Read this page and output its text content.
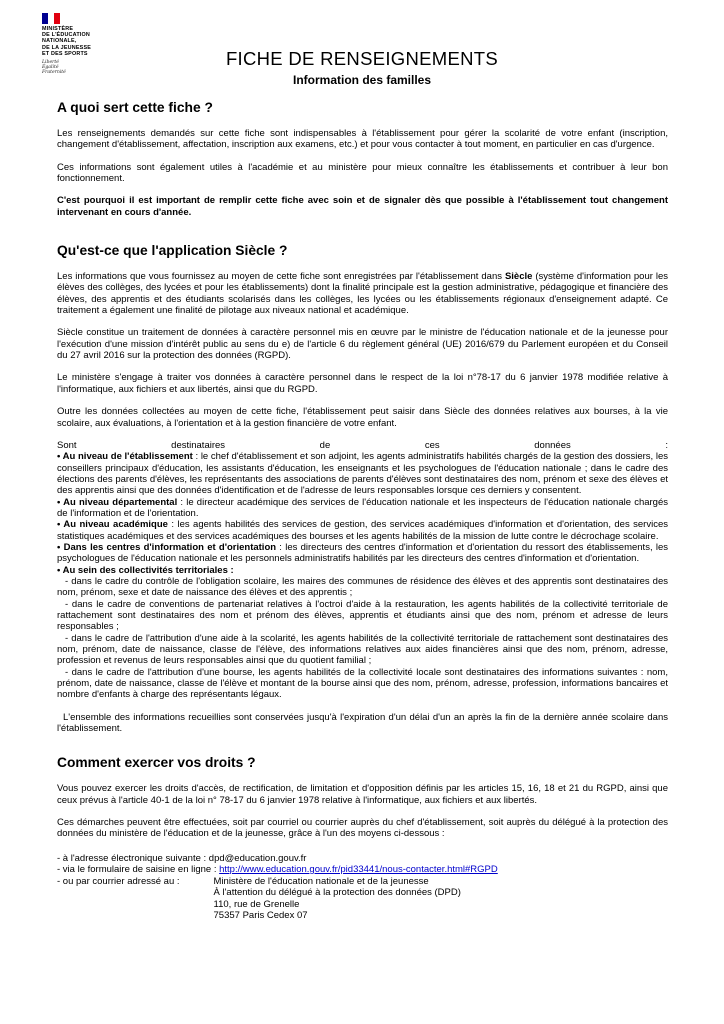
MINISTÈRE
DE L'ÉDUCATION
NATIONALE,
DE LA JEUNESSE
ET DES SPORTS
Liberté
Égalité
Fraternité
FICHE DE RENSEIGNEMENTS
Information des familles
A quoi sert cette fiche ?

Les renseignements demandés sur cette fiche sont indispensables à l'établissement pour gérer la scolarité de votre enfant (inscription, changement d'établissement, affectation, inscription aux examens, etc.) et pour vous contacter à tout moment, en particulier en cas d'urgence.

Ces informations sont également utiles à l'académie et au ministère pour mieux connaître les établissements et contribuer à leur bon fonctionnement.

C'est pourquoi il est important de remplir cette fiche avec soin et de signaler dès que possible à l'établissement tout changement intervenant en cours d'année.

Qu'est-ce que l'application Siècle ?

Les informations que vous fournissez au moyen de cette fiche sont enregistrées par l'établissement dans Siècle (système d'information pour les élèves des collèges, des lycées et pour les établissements) dont la finalité principale est la gestion administrative, pédagogique et financière des élèves, des apprentis et des étudiants scolarisés dans les collèges, les lycées ou les établissements régionaux d'enseignement adapté. Ce traitement a également une finalité de pilotage aux niveaux national et académique.

Siècle constitue un traitement de données à caractère personnel mis en œuvre par le ministre de l'éducation nationale et de la jeunesse pour l'exécution d'une mission d'intérêt public au sens du e) de l'article 6 du règlement général (UE) 2016/679 du Parlement européen et du Conseil du 27 avril 2016 sur la protection des données (RGPD).

Le ministère s'engage à traiter vos données à caractère personnel dans le respect de la loi n°78-17 du 6 janvier 1978 modifiée relative à l'informatique, aux fichiers et aux libertés, ainsi que du RGPD.

Outre les données collectées au moyen de cette fiche, l'établissement peut saisir dans Siècle des données relatives aux bourses, à la vie scolaire, aux évaluations, à l'orientation et à la gestion financière de votre enfant.

Sont destinataires de ces données :

• Au niveau de l'établissement : le chef d'établissement et son adjoint, les agents administratifs habilités chargés de la gestion des dossiers, les conseillers principaux d'éducation, les assistants d'éducation, les enseignants et les psychologues de l'éducation nationale ; dans le cadre des élections des parents d'élèves, les représentants des associations de parents d'élèves sont destinataires des nom, prénom et sexe des élèves et des apprentis ainsi que des données d'identification et de l'adresse de leurs responsables lorsque ces derniers y consentent.

• Au niveau départemental : le directeur académique des services de l'éducation nationale et les inspecteurs de l'éducation nationale chargés de l'information et de l'orientation.

• Au niveau académique : les agents habilités des services de gestion, des services académiques d'information et d'orientation, des services statistiques académiques et des services académiques des bourses et les agents habilités de la mission de lutte contre le décrochage scolaire.

• Dans les centres d'information et d'orientation : les directeurs des centres d'information et d'orientation du ressort des établissements, les psychologues de l'éducation nationale et les personnels administratifs habilités par les directeurs des centres d'information et d'orientation.

• Au sein des collectivités territoriales :

- dans le cadre du contrôle de l'obligation scolaire, les maires des communes de résidence des élèves et des apprentis sont destinataires des nom, prénom, sexe et date de naissance des élèves et des apprentis ;

- dans le cadre de conventions de partenariat relatives à l'octroi d'aide à la restauration, les agents habilités de la collectivité territoriale de rattachement sont destinataires des nom et prénom des élèves, apprentis et étudiants ainsi que des nom, prénom et adresse de leurs responsables ;

- dans le cadre de l'attribution d'une aide à la scolarité, les agents habilités de la collectivité territoriale de rattachement sont destinataires des nom, prénom, date de naissance, classe de l'élève, des informations relatives aux aides financières ainsi que des nom, prénom, adresse, profession et revenus de leurs responsables ainsi que du quotient familial ;

- dans le cadre de l'attribution d'une bourse, les agents habilités de la collectivité locale sont destinataires des informations suivantes : nom, prénom, date de naissance, classe de l'élève et montant de la bourse ainsi que des nom, prénom, adresse, profession, informations bancaires et nombre d'enfants à charge des représentants légaux.

L'ensemble des informations recueillies sont conservées jusqu'à l'expiration d'un délai d'un an après la fin de la dernière année scolaire dans l'établissement.

Comment exercer vos droits ?

Vous pouvez exercer les droits d'accès, de rectification, de limitation et d'opposition définis par les articles 15, 16, 18 et 21 du RGPD, ainsi que ceux prévus à l'article 40-1 de la loi n° 78-17 du 6 janvier 1978 relative à l'informatique, aux fichiers et aux libertés.

Ces démarches peuvent être effectuées, soit par courriel ou courrier auprès du chef d'établissement, soit auprès du délégué à la protection des données du ministère de l'éducation et de la jeunesse, grâce à l'un des moyens ci-dessous :

- à l'adresse électronique suivante : dpd@education.gouv.fr

- via le formulaire de saisine en ligne : http://www.education.gouv.fr/pid33441/nous-contacter.html#RGPD

- ou par courrier adressé au :	Ministère de l'éducation nationale et de la jeunesse
À l'attention du délégué à la protection des données (DPD)
110, rue de Grenelle
75357 Paris Cedex 07
